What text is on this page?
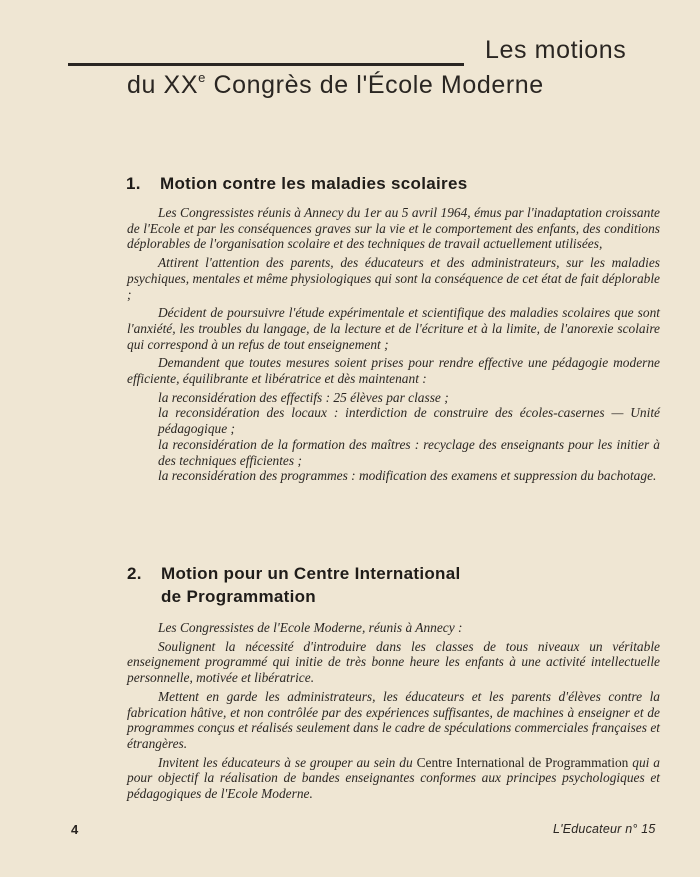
Les motions
du XXe Congrès de l'École Moderne
1. Motion contre les maladies scolaires

Les Congressistes réunis à Annecy du 1er au 5 avril 1964, émus par l'inadaptation croissante de l'Ecole et par les conséquences graves sur la vie et le comportement des enfants, des conditions déplorables de l'organisation scolaire et des techniques de travail actuellement utilisées,

Attirent l'attention des parents, des éducateurs et des administrateurs, sur les maladies psychiques, mentales et même physiologiques qui sont la conséquence de cet état de fait déplorable ;

Décident de poursuivre l'étude expérimentale et scientifique des maladies scolaires que sont l'anxiété, les troubles du langage, de la lecture et de l'écriture et à la limite, de l'anorexie scolaire qui correspond à un refus de tout enseignement ;

Demandent que toutes mesures soient prises pour rendre effective une pédagogie moderne efficiente, équilibrante et libératrice et dès maintenant :

la reconsidération des effectifs : 25 élèves par classe ;
la reconsidération des locaux : interdiction de construire des écoles-casernes — Unité pédagogique ;
la reconsidération de la formation des maîtres : recyclage des enseignants pour les initier à des techniques efficientes ;
la reconsidération des programmes : modification des examens et suppression du bachotage.

2. Motion pour un Centre International
de Programmation

Les Congressistes de l'Ecole Moderne, réunis à Annecy :

Soulignent la nécessité d'introduire dans les classes de tous niveaux un véritable enseignement programmé qui initie de très bonne heure les enfants à une activité intellectuelle personnelle, motivée et libératrice.

Mettent en garde les administrateurs, les éducateurs et les parents d'élèves contre la fabrication hâtive, et non contrôlée par des expériences suffisantes, de machines à enseigner et de programmes conçus et réalisés seulement dans le cadre de spéculations commerciales françaises et étrangères.

Invitent les éducateurs à se grouper au sein du Centre International de Programmation qui a pour objectif la réalisation de bandes enseignantes conformes aux principes psychologiques et pédagogiques de l'Ecole Moderne.

4	L'Educateur n° 15
